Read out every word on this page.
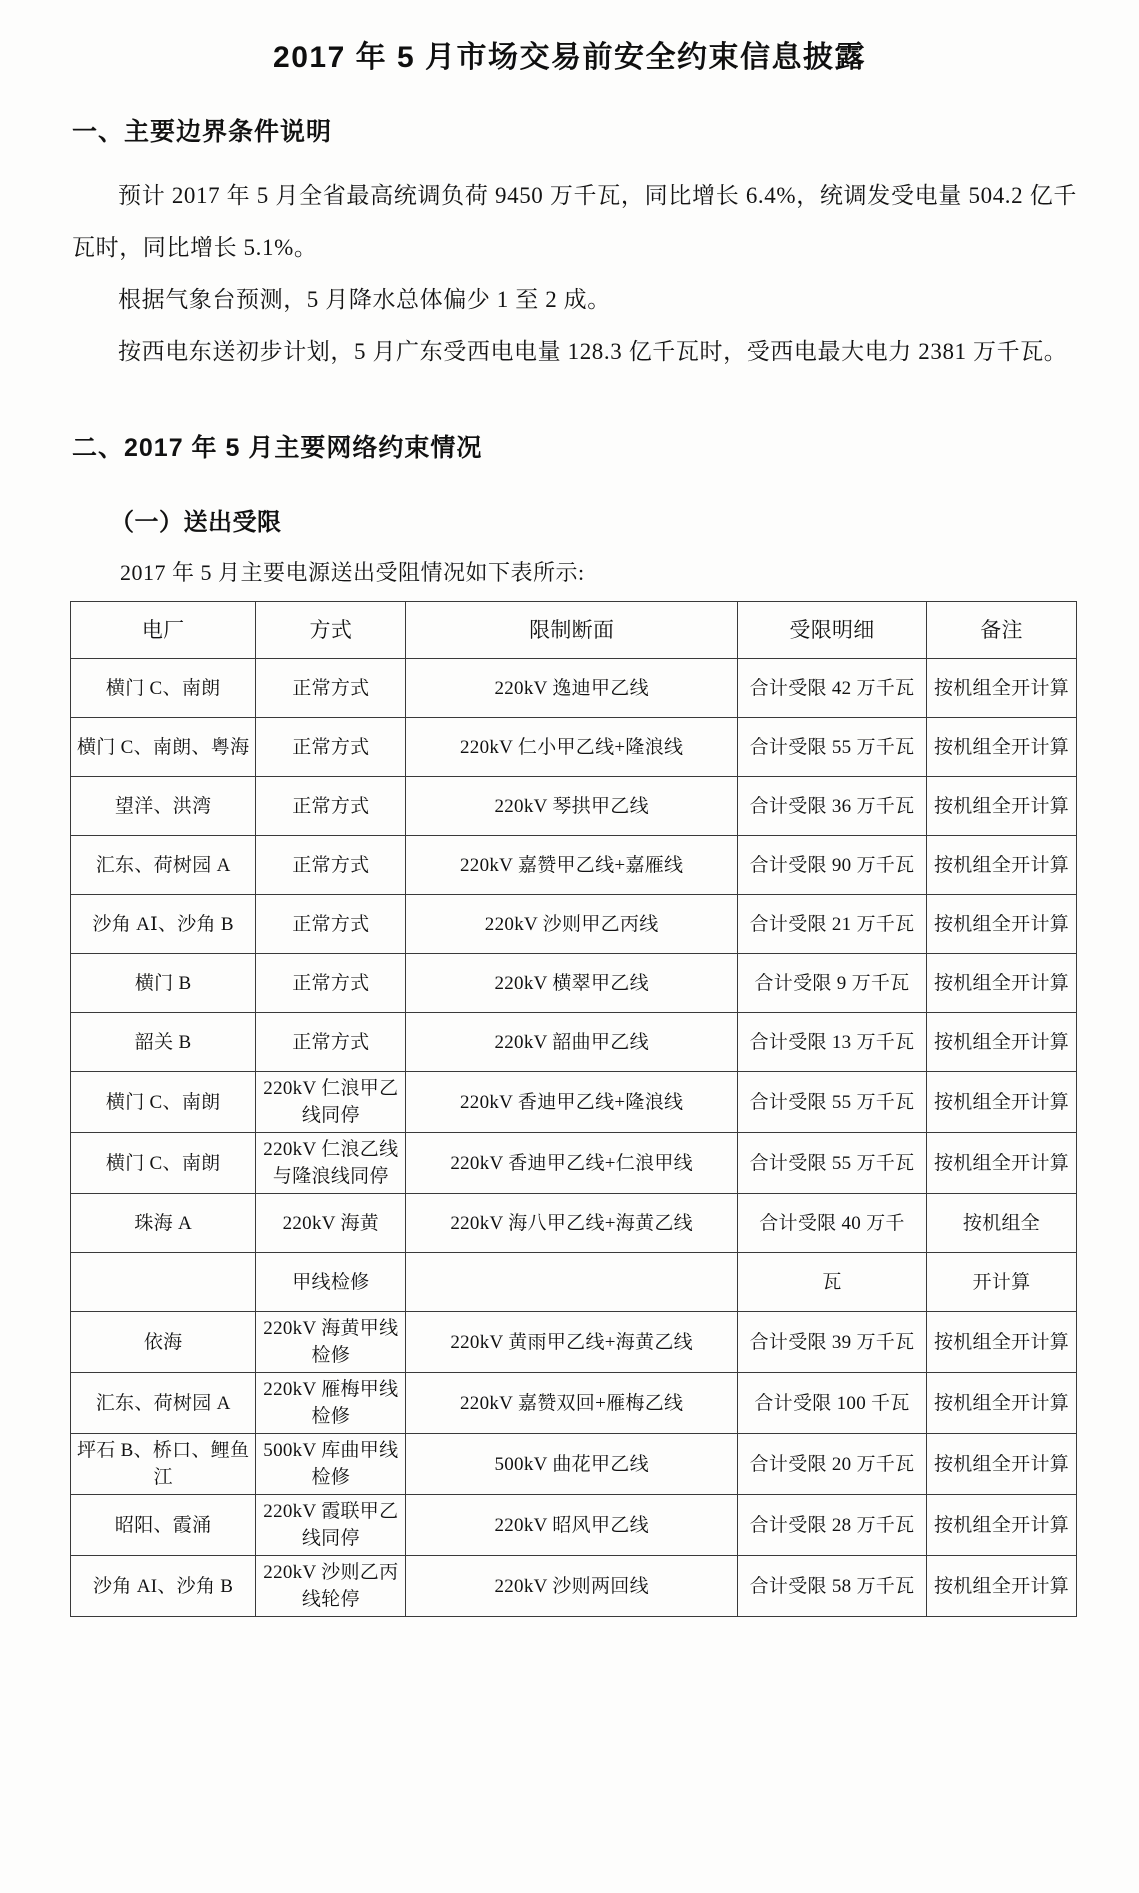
2017 年 5 月市场交易前安全约束信息披露
一、主要边界条件说明

预计 2017 年 5 月全省最高统调负荷 9450 万千瓦，同比增长 6.4%，统调发受电量 504.2 亿千瓦时，同比增长 5.1%。

根据气象台预测，5 月降水总体偏少 1 至 2 成。

按西电东送初步计划，5 月广东受西电电量 128.3 亿千瓦时，受西电最大电力 2381 万千瓦。

二、2017 年 5 月主要网络约束情况
（一）送出受限

2017 年 5 月主要电源送出受阻情况如下表所示:

电厂	方式	限制断面	受限明细	备注
横门 C、南朗	正常方式	220kV 逸迪甲乙线	合计受限 42 万千瓦	按机组全开计算
横门 C、南朗、粤海	正常方式	220kV 仁小甲乙线+隆浪线	合计受限 55 万千瓦	按机组全开计算
望洋、洪湾	正常方式	220kV 琴拱甲乙线	合计受限 36 万千瓦	按机组全开计算
汇东、荷树园 A	正常方式	220kV 嘉赞甲乙线+嘉雁线	合计受限 90 万千瓦	按机组全开计算
沙角 AⅠ、沙角 B	正常方式	220kV 沙则甲乙丙线	合计受限 21 万千瓦	按机组全开计算
横门 B	正常方式	220kV 横翠甲乙线	合计受限 9 万千瓦	按机组全开计算
韶关 B	正常方式	220kV 韶曲甲乙线	合计受限 13 万千瓦	按机组全开计算
横门 C、南朗	220kV 仁浪甲乙线同停	220kV 香迪甲乙线+隆浪线	合计受限 55 万千瓦	按机组全开计算
横门 C、南朗	220kV 仁浪乙线与隆浪线同停	220kV 香迪甲乙线+仁浪甲线	合计受限 55 万千瓦	按机组全开计算
珠海 A	220kV 海黄	220kV 海八甲乙线+海黄乙线	合计受限 40 万千	按机组全
	甲线检修		瓦	开计算
依海	220kV 海黄甲线检修	220kV 黄雨甲乙线+海黄乙线	合计受限 39 万千瓦	按机组全开计算
汇东、荷树园 A	220kV 雁梅甲线检修	220kV 嘉赞双回+雁梅乙线	合计受限 100 千瓦	按机组全开计算
坪石 B、桥口、鲤鱼江	500kV 库曲甲线检修	500kV 曲花甲乙线	合计受限 20 万千瓦	按机组全开计算
昭阳、霞涌	220kV 霞联甲乙线同停	220kV 昭风甲乙线	合计受限 28 万千瓦	按机组全开计算
沙角 AI、沙角 B	220kV 沙则乙丙线轮停	220kV 沙则两回线	合计受限 58 万千瓦	按机组全开计算
